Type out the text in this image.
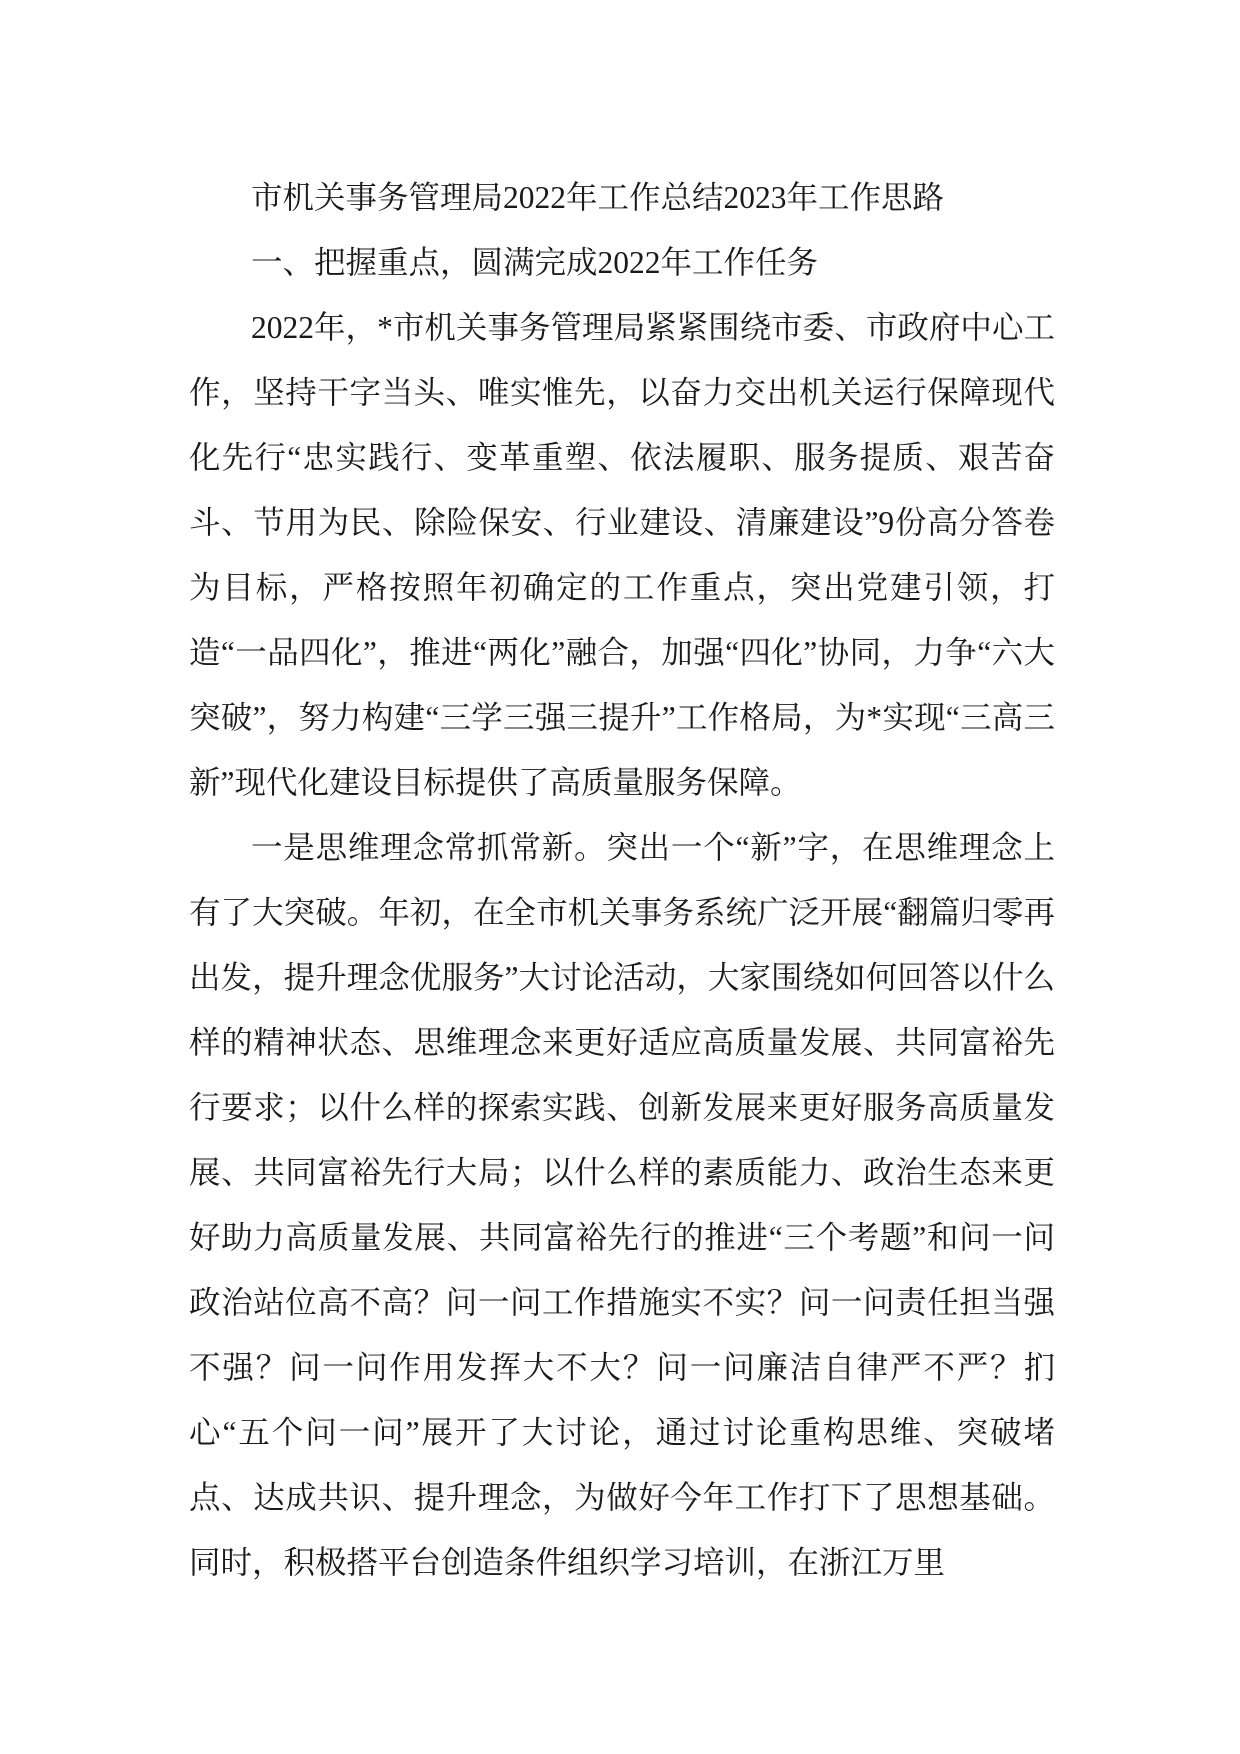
市机关事务管理局2022年工作总结2023年工作思路
一、把握重点，圆满完成2022年工作任务

2022年，*市机关事务管理局紧紧围绕市委、市政府中心工作，坚持干字当头、唯实惟先，以奋力交出机关运行保障现代化先行“忠实践行、变革重塑、依法履职、服务提质、艰苦奋斗、节用为民、除险保安、行业建设、清廉建设”9份高分答卷为目标，严格按照年初确定的工作重点，突出党建引领，打造“一品四化”，推进“两化”融合，加强“四化”协同，力争“六大突破”，努力构建“三学三强三提升”工作格局，为*实现“三高三新”现代化建设目标提供了高质量服务保障。

一是思维理念常抓常新。突出一个“新”字，在思维理念上有了大突破。年初，在全市机关事务系统广泛开展“翻篇归零再出发，提升理念优服务”大讨论活动，大家围绕如何回答以什么样的精神状态、思维理念来更好适应高质量发展、共同富裕先行要求；以什么样的探索实践、创新发展来更好服务高质量发展、共同富裕先行大局；以什么样的素质能力、政治生态来更好助力高质量发展、共同富裕先行的推进“三个考题”和问一问政治站位高不高？问一问工作措施实不实？问一问责任担当强不强？问一问作用发挥大不大？问一问廉洁自律严不严？扪心“五个问一问”展开了大讨论，通过讨论重构思维、突破堵点、达成共识、提升理念，为做好今年工作打下了思想基础。同时，积极搭平台创造条件组织学习培训，在浙江万里
